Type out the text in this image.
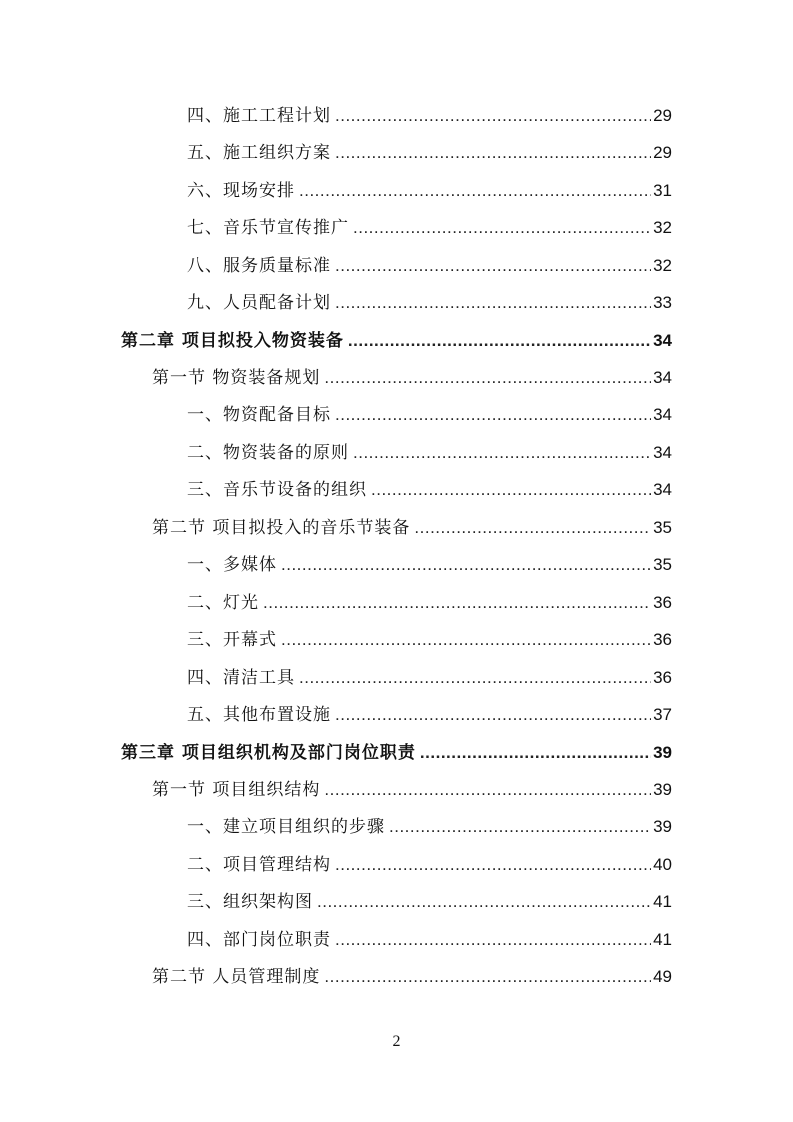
四、施工工程计划 .....	29
五、施工组织方案 .....	29
六、现场安排 .....	31
七、音乐节宣传推广 .....	32
八、服务质量标准 .....	32
九、人员配备计划 .....	33
第二章 项目拟投入物资装备 .....	34
第一节 物资装备规划 .....	34
一、物资配备目标 .....	34
二、物资装备的原则 .....	34
三、音乐节设备的组织 .....	34
第二节 项目拟投入的音乐节装备 .....	35
一、多媒体 .....	35
二、灯光 .....	36
三、开幕式 .....	36
四、清洁工具 .....	36
五、其他布置设施 .....	37
第三章 项目组织机构及部门岗位职责 .....	39
第一节 项目组织结构 .....	39
一、建立项目组织的步骤 .....	39
二、项目管理结构 .....	40
三、组织架构图 .....	41
四、部门岗位职责 .....	41
第二节 人员管理制度 .....	49
2
